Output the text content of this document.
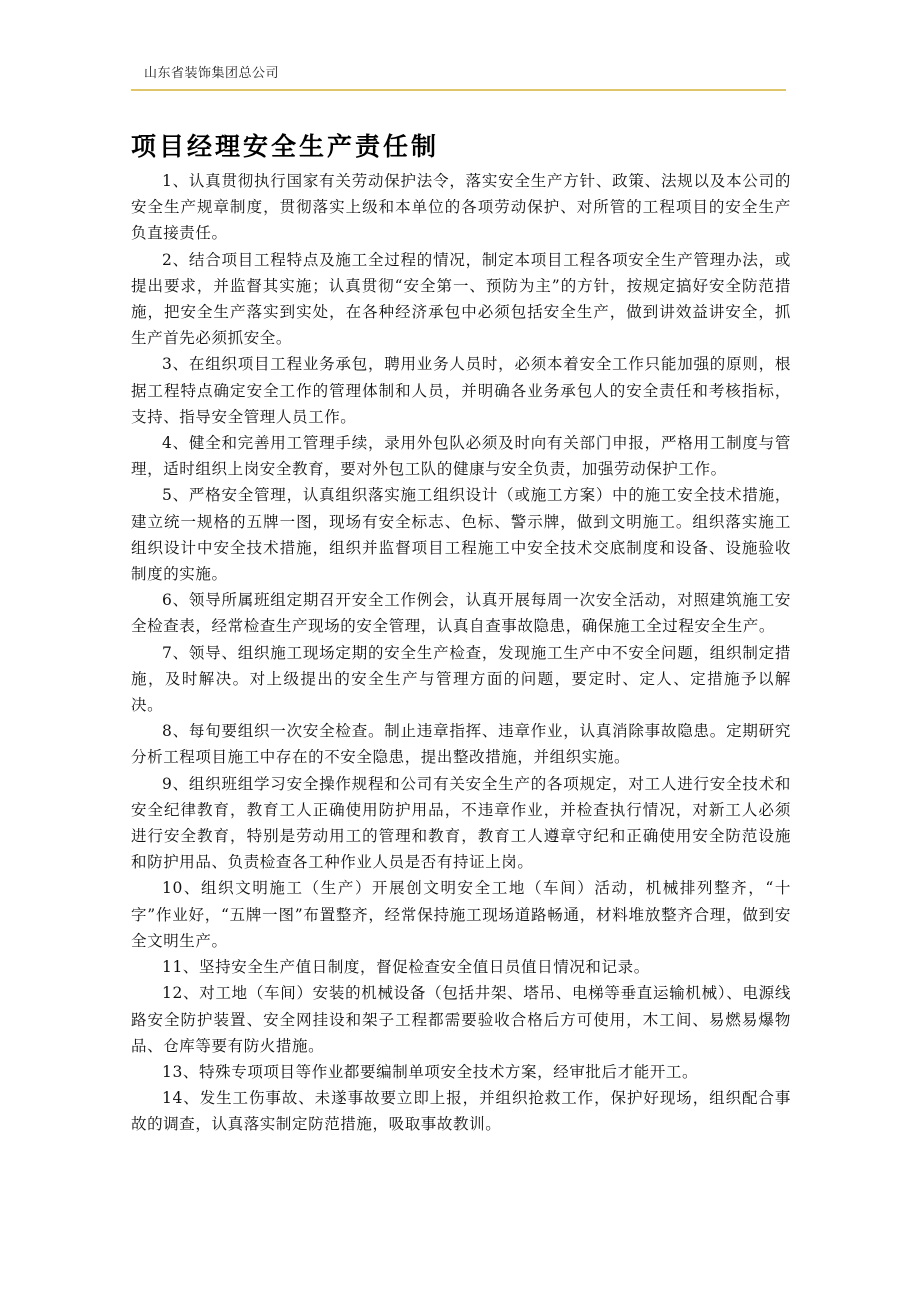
山东省装饰集团总公司
项目经理安全生产责任制

1、认真贯彻执行国家有关劳动保护法令，落实安全生产方针、政策、法规以及本公司的安全生产规章制度，贯彻落实上级和本单位的各项劳动保护、对所管的工程项目的安全生产负直接责任。

2、结合项目工程特点及施工全过程的情况，制定本项目工程各项安全生产管理办法，或提出要求，并监督其实施；认真贯彻“安全第一、预防为主”的方针，按规定搞好安全防范措施，把安全生产落实到实处，在各种经济承包中必须包括安全生产，做到讲效益讲安全，抓生产首先必须抓安全。

3、在组织项目工程业务承包，聘用业务人员时，必须本着安全工作只能加强的原则，根据工程特点确定安全工作的管理体制和人员，并明确各业务承包人的安全责任和考核指标，支持、指导安全管理人员工作。

4、健全和完善用工管理手续，录用外包队必须及时向有关部门申报，严格用工制度与管理，适时组织上岗安全教育，要对外包工队的健康与安全负责，加强劳动保护工作。

5、严格安全管理，认真组织落实施工组织设计（或施工方案）中的施工安全技术措施，建立统一规格的五牌一图，现场有安全标志、色标、警示牌，做到文明施工。组织落实施工组织设计中安全技术措施，组织并监督项目工程施工中安全技术交底制度和设备、设施验收制度的实施。

6、领导所属班组定期召开安全工作例会，认真开展每周一次安全活动，对照建筑施工安全检查表，经常检查生产现场的安全管理，认真自查事故隐患，确保施工全过程安全生产。

7、领导、组织施工现场定期的安全生产检查，发现施工生产中不安全问题，组织制定措施，及时解决。对上级提出的安全生产与管理方面的问题，要定时、定人、定措施予以解决。

8、每旬要组织一次安全检查。制止违章指挥、违章作业，认真消除事故隐患。定期研究分析工程项目施工中存在的不安全隐患，提出整改措施，并组织实施。

9、组织班组学习安全操作规程和公司有关安全生产的各项规定，对工人进行安全技术和安全纪律教育，教育工人正确使用防护用品，不违章作业，并检查执行情况，对新工人必须进行安全教育，特别是劳动用工的管理和教育，教育工人遵章守纪和正确使用安全防范设施和防护用品、负责检查各工种作业人员是否有持证上岗。

10、组织文明施工（生产）开展创文明安全工地（车间）活动，机械排列整齐，“十字”作业好，“五牌一图”布置整齐，经常保持施工现场道路畅通，材料堆放整齐合理，做到安全文明生产。

11、坚持安全生产值日制度，督促检查安全值日员值日情况和记录。

12、对工地（车间）安装的机械设备（包括井架、塔吊、电梯等垂直运输机械）、电源线路安全防护装置、安全网挂设和架子工程都需要验收合格后方可使用，木工间、易燃易爆物品、仓库等要有防火措施。

13、特殊专项项目等作业都要编制单项安全技术方案，经审批后才能开工。

14、发生工伤事故、未遂事故要立即上报，并组织抢救工作，保护好现场，组织配合事故的调查，认真落实制定防范措施，吸取事故教训。
